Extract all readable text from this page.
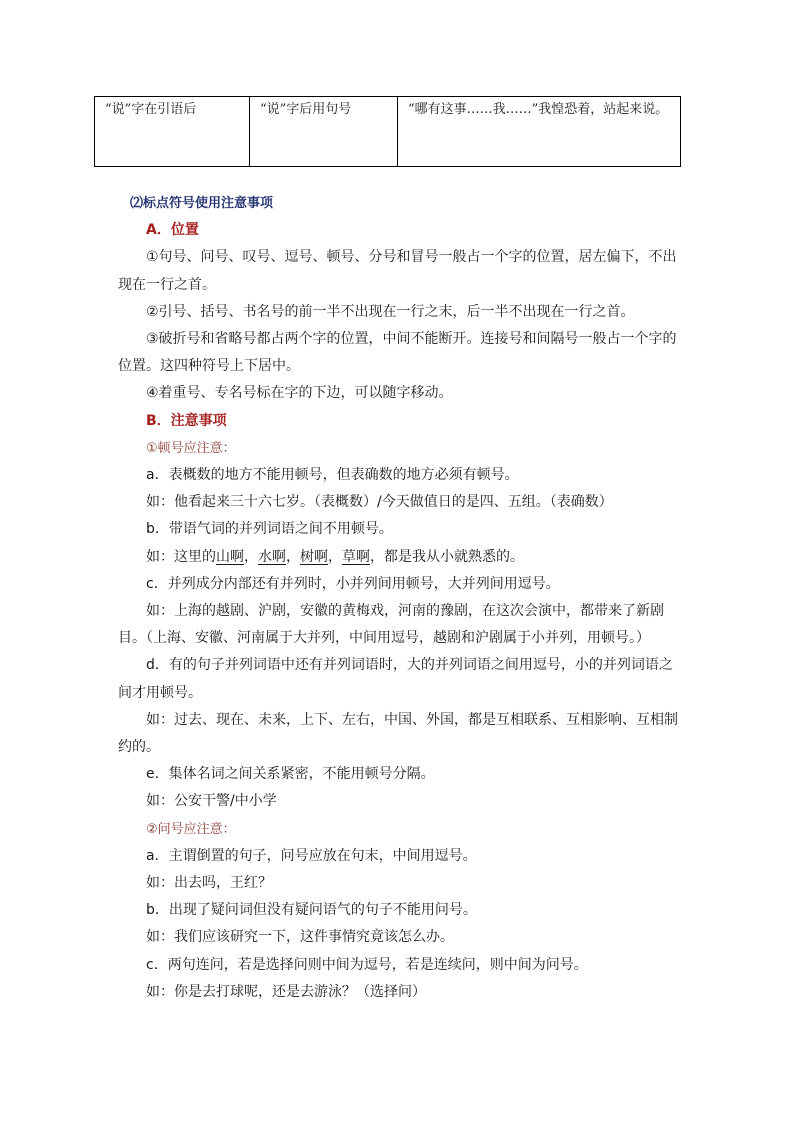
“说”字在引语后	“说”字后用句号	“哪有这事……我……”我惶恐着，站起来说。

⑵标点符号使用注意事项

A．位置

①句号、问号、叹号、逗号、顿号、分号和冒号一般占一个字的位置，居左偏下，不出现在一行之首。

②引号、括号、书名号的前一半不出现在一行之末，后一半不出现在一行之首。

③破折号和省略号都占两个字的位置，中间不能断开。连接号和间隔号一般占一个字的位置。这四种符号上下居中。

④着重号、专名号标在字的下边，可以随字移动。

B．注意事项

①顿号应注意：

a．表概数的地方不能用顿号，但表确数的地方必须有顿号。

如：他看起来三十六七岁。（表概数）/今天做值日的是四、五组。（表确数）

b．带语气词的并列词语之间不用顿号。

如：这里的山啊，水啊，树啊，草啊，都是我从小就熟悉的。

c．并列成分内部还有并列时，小并列间用顿号，大并列间用逗号。

如：上海的越剧、沪剧，安徽的黄梅戏，河南的豫剧，在这次会演中，都带来了新剧目。（上海、安徽、河南属于大并列，中间用逗号，越剧和沪剧属于小并列，用顿号。）

d．有的句子并列词语中还有并列词语时，大的并列词语之间用逗号，小的并列词语之间才用顿号。

如：过去、现在、未来，上下、左右，中国、外国，都是互相联系、互相影响、互相制约的。

e．集体名词之间关系紧密，不能用顿号分隔。

如：公安干警/中小学

②问号应注意：

a．主谓倒置的句子，问号应放在句末，中间用逗号。

如：出去吗，王红？

b．出现了疑问词但没有疑问语气的句子不能用问号。

如：我们应该研究一下，这件事情究竟该怎么办。

c．两句连问，若是选择问则中间为逗号，若是连续问，则中间为问号。

如：你是去打球呢，还是去游泳？（选择问）
